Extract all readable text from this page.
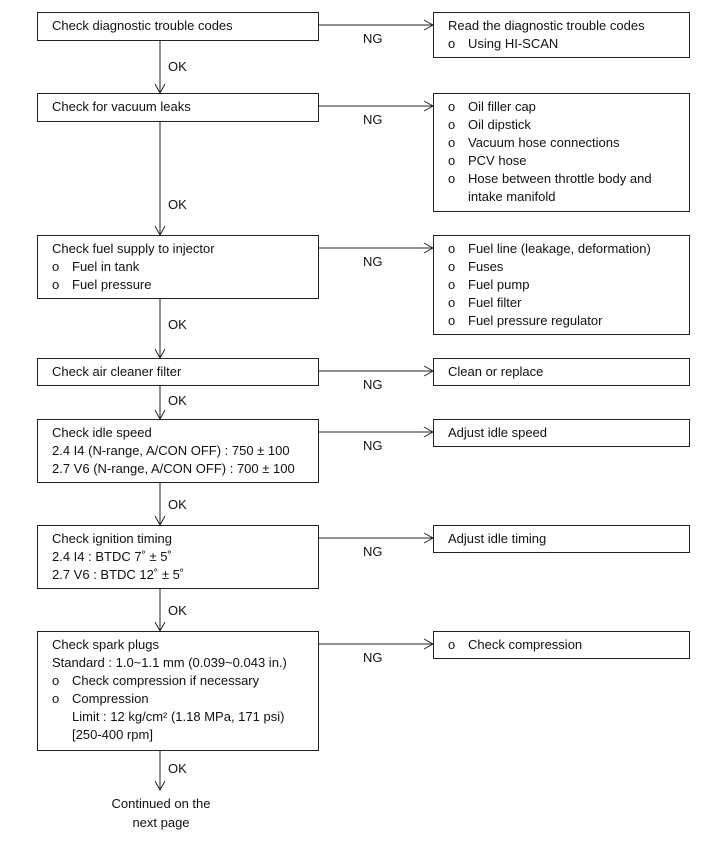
Check diagnostic trouble codes	Read the diagnostic trouble codes
o Using HI-SCAN
Check for vacuum leaks	o Oil filler cap
o Oil dipstick
o Vacuum hose connections
o PCV hose
o Hose between throttle body and
intake manifold
Check fuel supply to injector
o Fuel in tank
o Fuel pressure
o Fuel line (leakage, deformation)
o Fuses
o Fuel pump
o Fuel filter
o Fuel pressure regulator
Check air cleaner filter	Clean or replace
Check idle speed
2.4 I4 (N-range, A/CON OFF) : 750 ± 100
2.7 V6 (N-range, A/CON OFF) : 700 ± 100
Adjust idle speed
Check ignition timing
2.4 I4 : BTDC 7˚ ± 5˚
2.7 V6 : BTDC 12˚ ± 5˚
Adjust idle timing
Check spark plugs
Standard : 1.0~1.1 mm (0.039~0.043 in.)
o Check compression if necessary
o Compression
Limit : 12 kg/cm² (1.18 MPa, 171 psi)
[250-400 rpm]
o Check compression
NG
OK
NG
OK
NG
OK
NG
OK
NG
OK
NG
OK
NG
OK
Continued on the
next page
